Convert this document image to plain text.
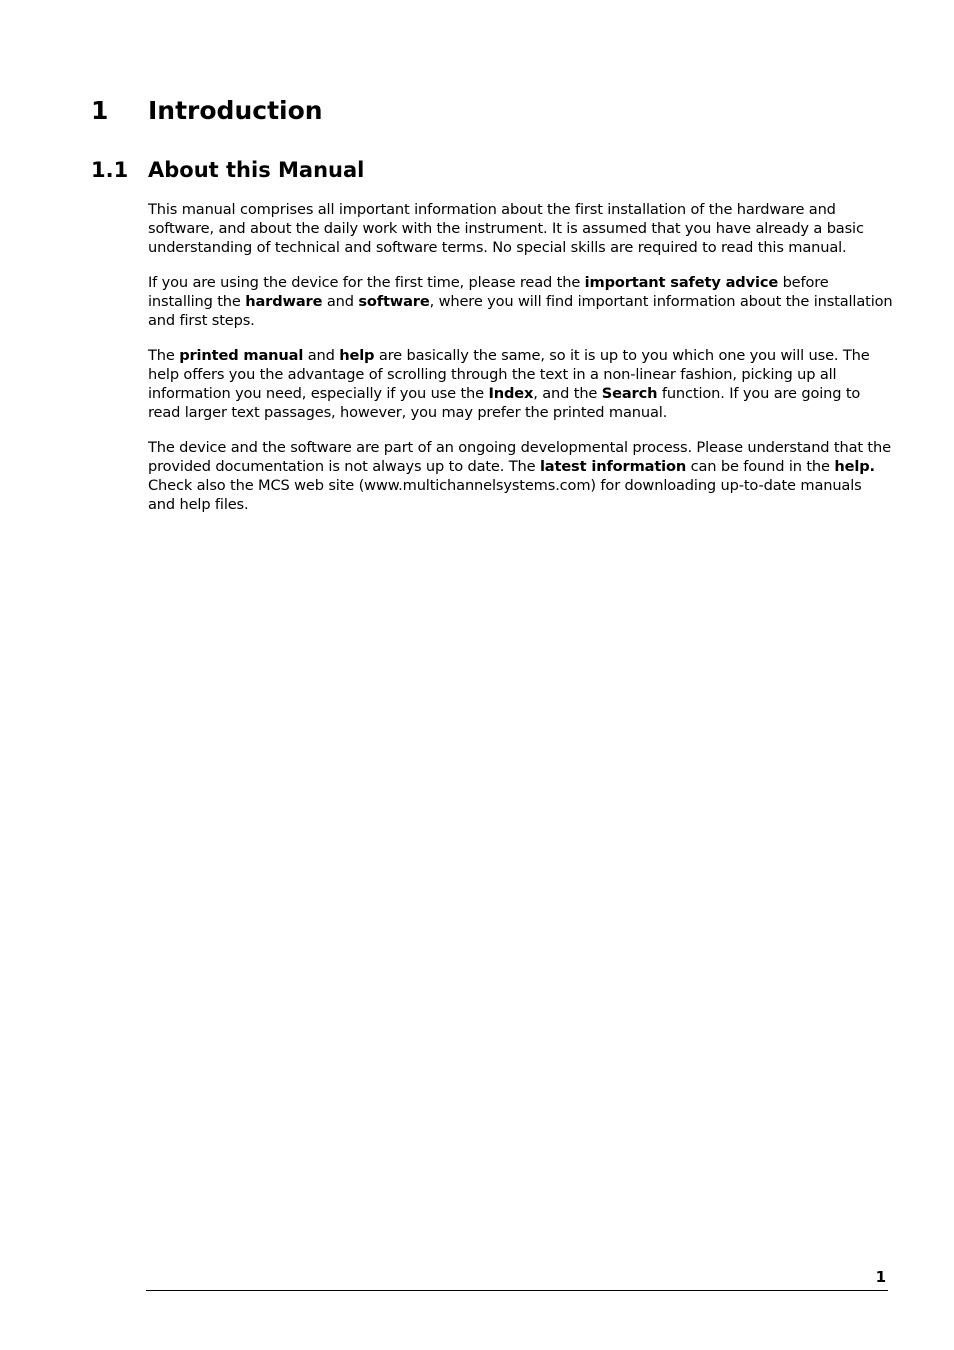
1 Introduction
1.1 About this Manual

This manual comprises all important information about the first installation of the hardware and software, and about the daily work with the instrument. It is assumed that you have already a basic understanding of technical and software terms. No special skills are required to read this manual.

If you are using the device for the first time, please read the important safety advice before installing the hardware and software, where you will find important information about the installation and first steps.

The printed manual and help are basically the same, so it is up to you which one you will use. The help offers you the advantage of scrolling through the text in a non-linear fashion, picking up all information you need, especially if you use the Index, and the Search function. If you are going to read larger text passages, however, you may prefer the printed manual.

The device and the software are part of an ongoing developmental process. Please understand that the provided documentation is not always up to date. The latest information can be found in the help. Check also the MCS web site (www.multichannelsystems.com) for downloading up-to-date manuals and help files.

1
